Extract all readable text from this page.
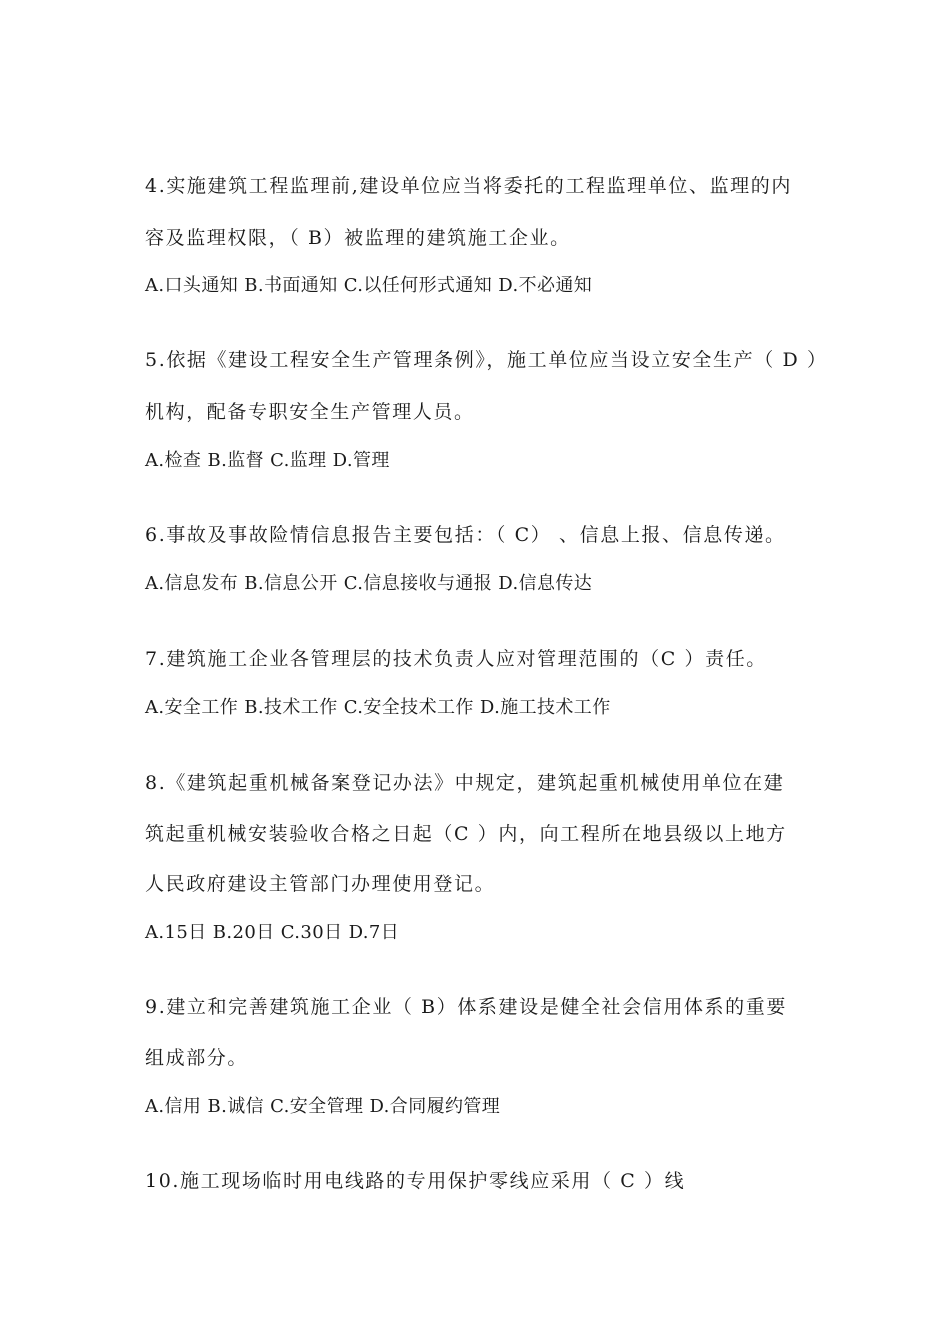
4.实施建筑工程监理前,建设单位应当将委托的工程监理单位、监理的内
容及监理权限，（ B）被监理的建筑施工企业。
A.口头通知 B.书面通知 C.以任何形式通知 D.不必通知
5.依据《建设工程安全生产管理条例》，施工单位应当设立安全生产（ D ）
机构，配备专职安全生产管理人员。
A.检查 B.监督 C.监理 D.管理
6.事故及事故险情信息报告主要包括：（ C） 、信息上报、信息传递。
A.信息发布 B.信息公开 C.信息接收与通报 D.信息传达
7.建筑施工企业各管理层的技术负责人应对管理范围的（C ）责任。
A.安全工作 B.技术工作 C.安全技术工作 D.施工技术工作
8.《建筑起重机械备案登记办法》中规定，建筑起重机械使用单位在建
筑起重机械安装验收合格之日起（C ）内，向工程所在地县级以上地方
人民政府建设主管部门办理使用登记。
A.15日 B.20日 C.30日 D.7日
9.建立和完善建筑施工企业（ B）体系建设是健全社会信用体系的重要
组成部分。
A.信用 B.诚信 C.安全管理 D.合同履约管理
10.施工现场临时用电线路的专用保护零线应采用（ C ）线
